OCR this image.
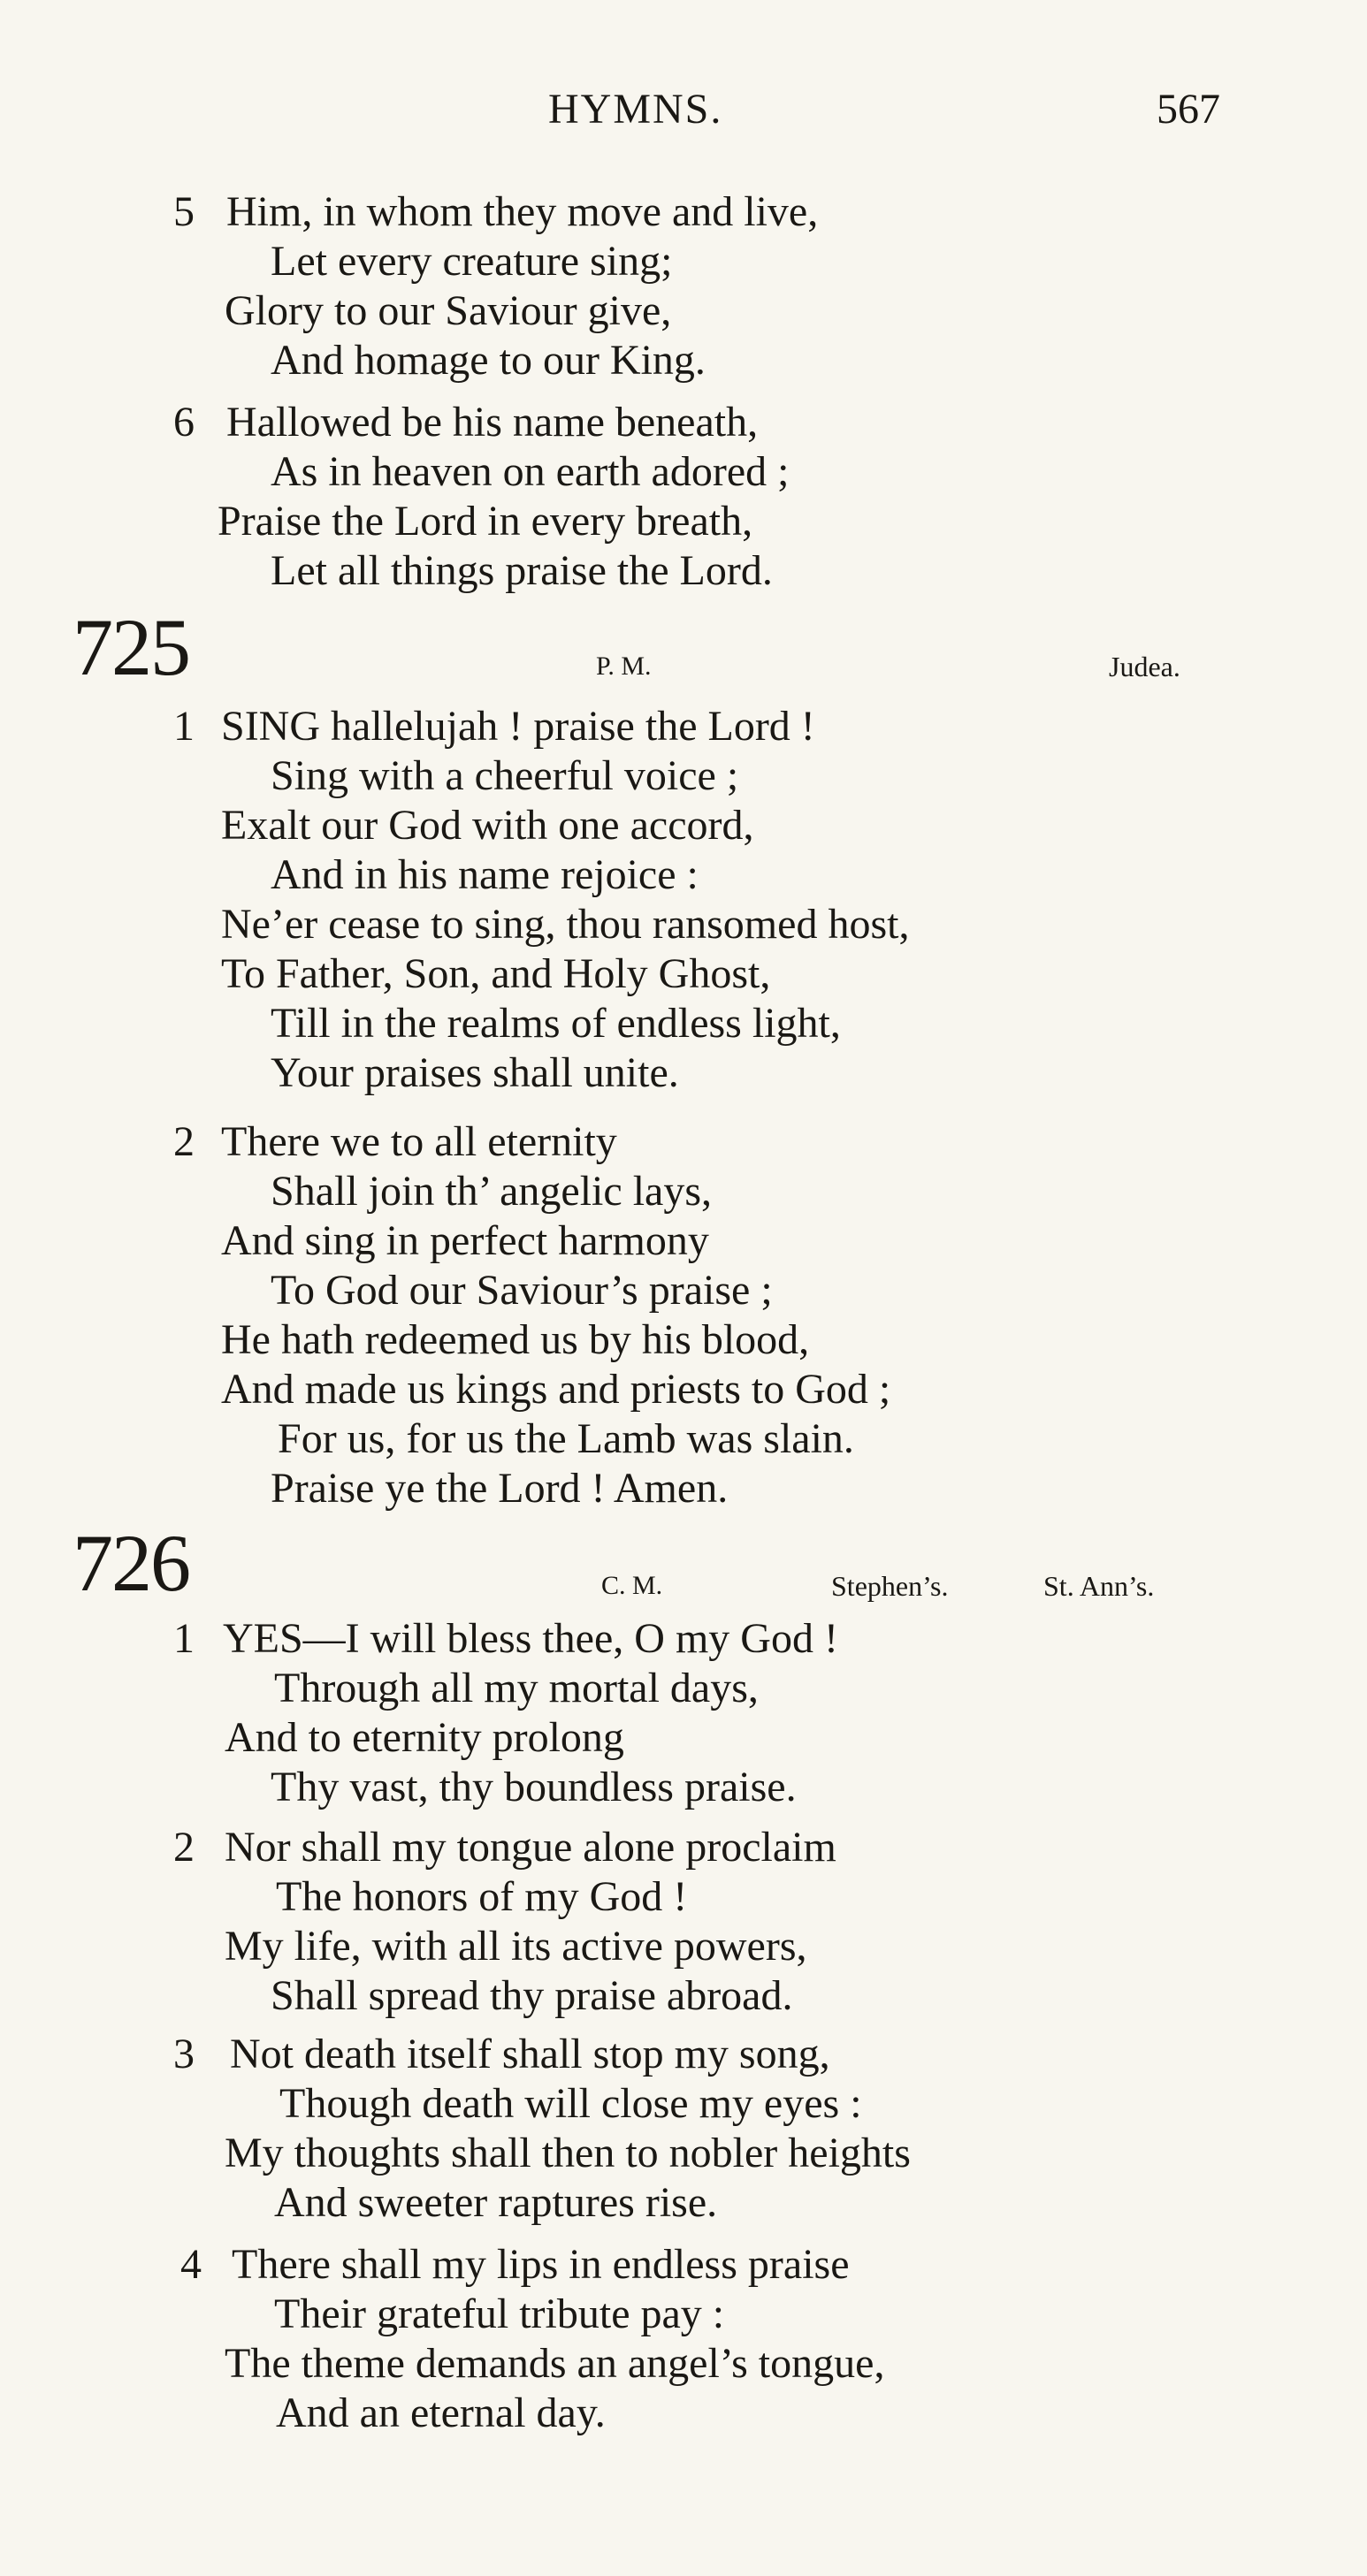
HYMNS.	567
5 Him, in whom they move and live,
Let every creature sing;
Glory to our Saviour give,
And homage to our King.
6 Hallowed be his name beneath,
As in heaven on earth adored ;
Praise the Lord in every breath,
Let all things praise the Lord.
725	P. M.	Judea.
1 SING hallelujah ! praise the Lord !
Sing with a cheerful voice ;
Exalt our God with one accord,
And in his name rejoice :
Ne’er cease to sing, thou ransomed host,
To Father, Son, and Holy Ghost,
Till in the realms of endless light,
Your praises shall unite.
2 There we to all eternity
Shall join th’ angelic lays,
And sing in perfect harmony
To God our Saviour’s praise ;
He hath redeemed us by his blood,
And made us kings and priests to God ;
For us, for us the Lamb was slain.
Praise ye the Lord ! Amen.
726	C. M.	Stephen’s.	St. Ann’s.
1 YES—I will bless thee, O my God !
Through all my mortal days,
And to eternity prolong
Thy vast, thy boundless praise.
2 Nor shall my tongue alone proclaim
The honors of my God !
My life, with all its active powers,
Shall spread thy praise abroad.
3 Not death itself shall stop my song,
Though death will close my eyes :
My thoughts shall then to nobler heights
And sweeter raptures rise.
4 There shall my lips in endless praise
Their grateful tribute pay :
The theme demands an angel’s tongue,
And an eternal day.
